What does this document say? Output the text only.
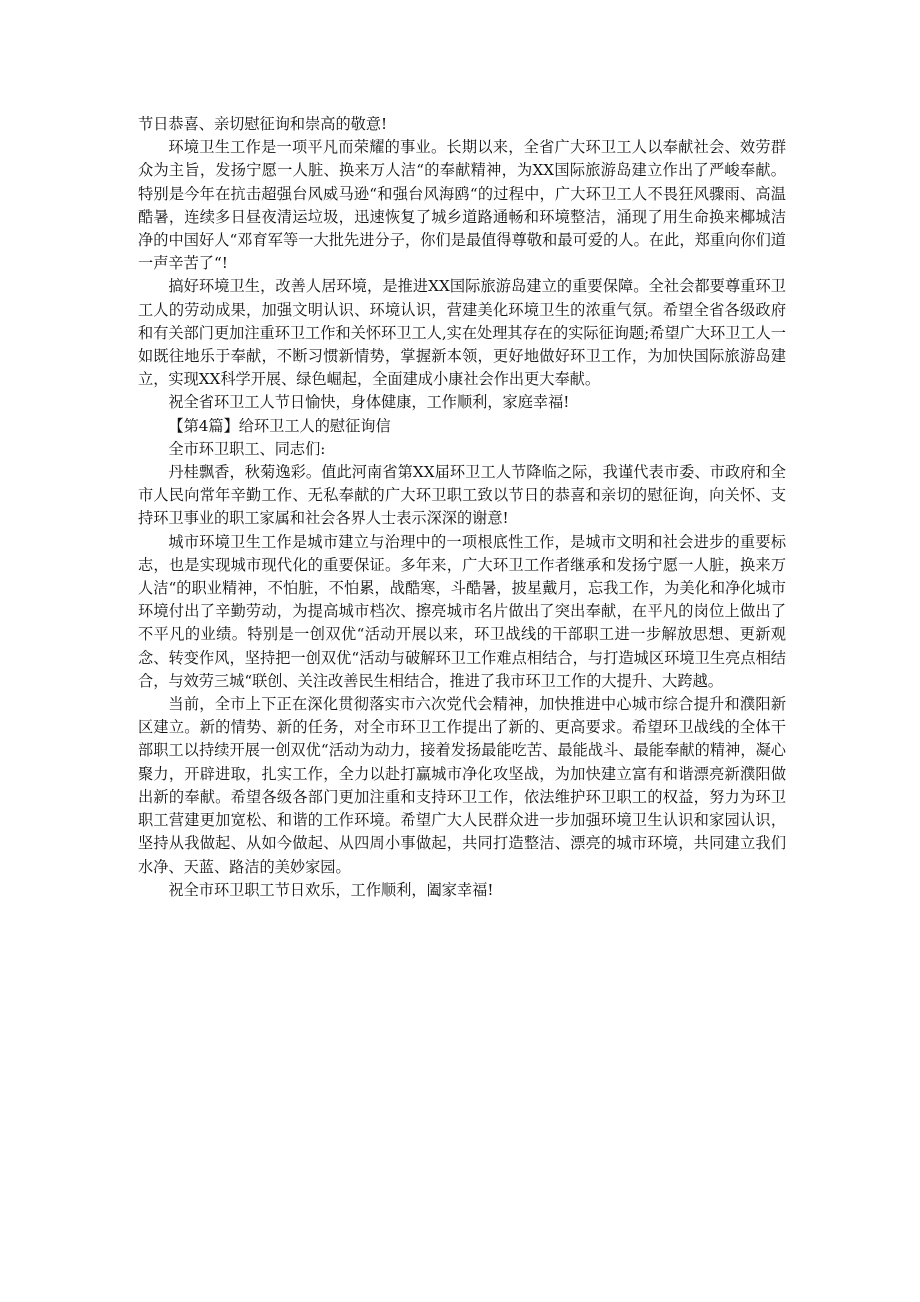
节日恭喜、亲切慰征询和崇高的敬意!

环境卫生工作是一项平凡而荣耀的事业。长期以来，全省广大环卫工人以奉献社会、效劳群众为主旨，发扬宁愿一人脏、换来万人洁“的奉献精神，为XX国际旅游岛建立作出了严峻奉献。特别是今年在抗击超强台风威马逊“和强台风海鸥“的过程中，广大环卫工人不畏狂风骤雨、高温酷暑，连续多日昼夜清运垃圾，迅速恢复了城乡道路通畅和环境整洁，涌现了用生命换来椰城洁净的中国好人“邓育军等一大批先进分子，你们是最值得尊敬和最可爱的人。在此，郑重向你们道一声辛苦了“!

搞好环境卫生，改善人居环境，是推进XX国际旅游岛建立的重要保障。全社会都要尊重环卫工人的劳动成果，加强文明认识、环境认识，营建美化环境卫生的浓重气氛。希望全省各级政府和有关部门更加注重环卫工作和关怀环卫工人,实在处理其存在的实际征询题;希望广大环卫工人一如既往地乐于奉献，不断习惯新情势，掌握新本领，更好地做好环卫工作，为加快国际旅游岛建立，实现XX科学开展、绿色崛起，全面建成小康社会作出更大奉献。

祝全省环卫工人节日愉快，身体健康，工作顺利，家庭幸福!

【第4篇】给环卫工人的慰征询信

全市环卫职工、同志们:

丹桂飘香，秋菊逸彩。值此河南省第XX届环卫工人节降临之际，我谨代表市委、市政府和全市人民向常年辛勤工作、无私奉献的广大环卫职工致以节日的恭喜和亲切的慰征询，向关怀、支持环卫事业的职工家属和社会各界人士表示深深的谢意!

城市环境卫生工作是城市建立与治理中的一项根底性工作，是城市文明和社会进步的重要标志，也是实现城市现代化的重要保证。多年来，广大环卫工作者继承和发扬宁愿一人脏，换来万人洁“的职业精神，不怕脏，不怕累，战酷寒，斗酷暑，披星戴月，忘我工作，为美化和净化城市环境付出了辛勤劳动，为提高城市档次、擦亮城市名片做出了突出奉献，在平凡的岗位上做出了不平凡的业绩。特别是一创双优“活动开展以来，环卫战线的干部职工进一步解放思想、更新观念、转变作风，坚持把一创双优“活动与破解环卫工作难点相结合，与打造城区环境卫生亮点相结合，与效劳三城“联创、关注改善民生相结合，推进了我市环卫工作的大提升、大跨越。

当前，全市上下正在深化贯彻落实市六次党代会精神，加快推进中心城市综合提升和濮阳新区建立。新的情势、新的任务，对全市环卫工作提出了新的、更高要求。希望环卫战线的全体干部职工以持续开展一创双优“活动为动力，接着发扬最能吃苦、最能战斗、最能奉献的精神，凝心聚力，开辟进取，扎实工作，全力以赴打赢城市净化攻坚战，为加快建立富有和谐漂亮新濮阳做出新的奉献。希望各级各部门更加注重和支持环卫工作，依法维护环卫职工的权益，努力为环卫职工营建更加宽松、和谐的工作环境。希望广大人民群众进一步加强环境卫生认识和家园认识，坚持从我做起、从如今做起、从四周小事做起，共同打造整洁、漂亮的城市环境，共同建立我们水净、天蓝、路洁的美妙家园。

祝全市环卫职工节日欢乐，工作顺利，阖家幸福!
